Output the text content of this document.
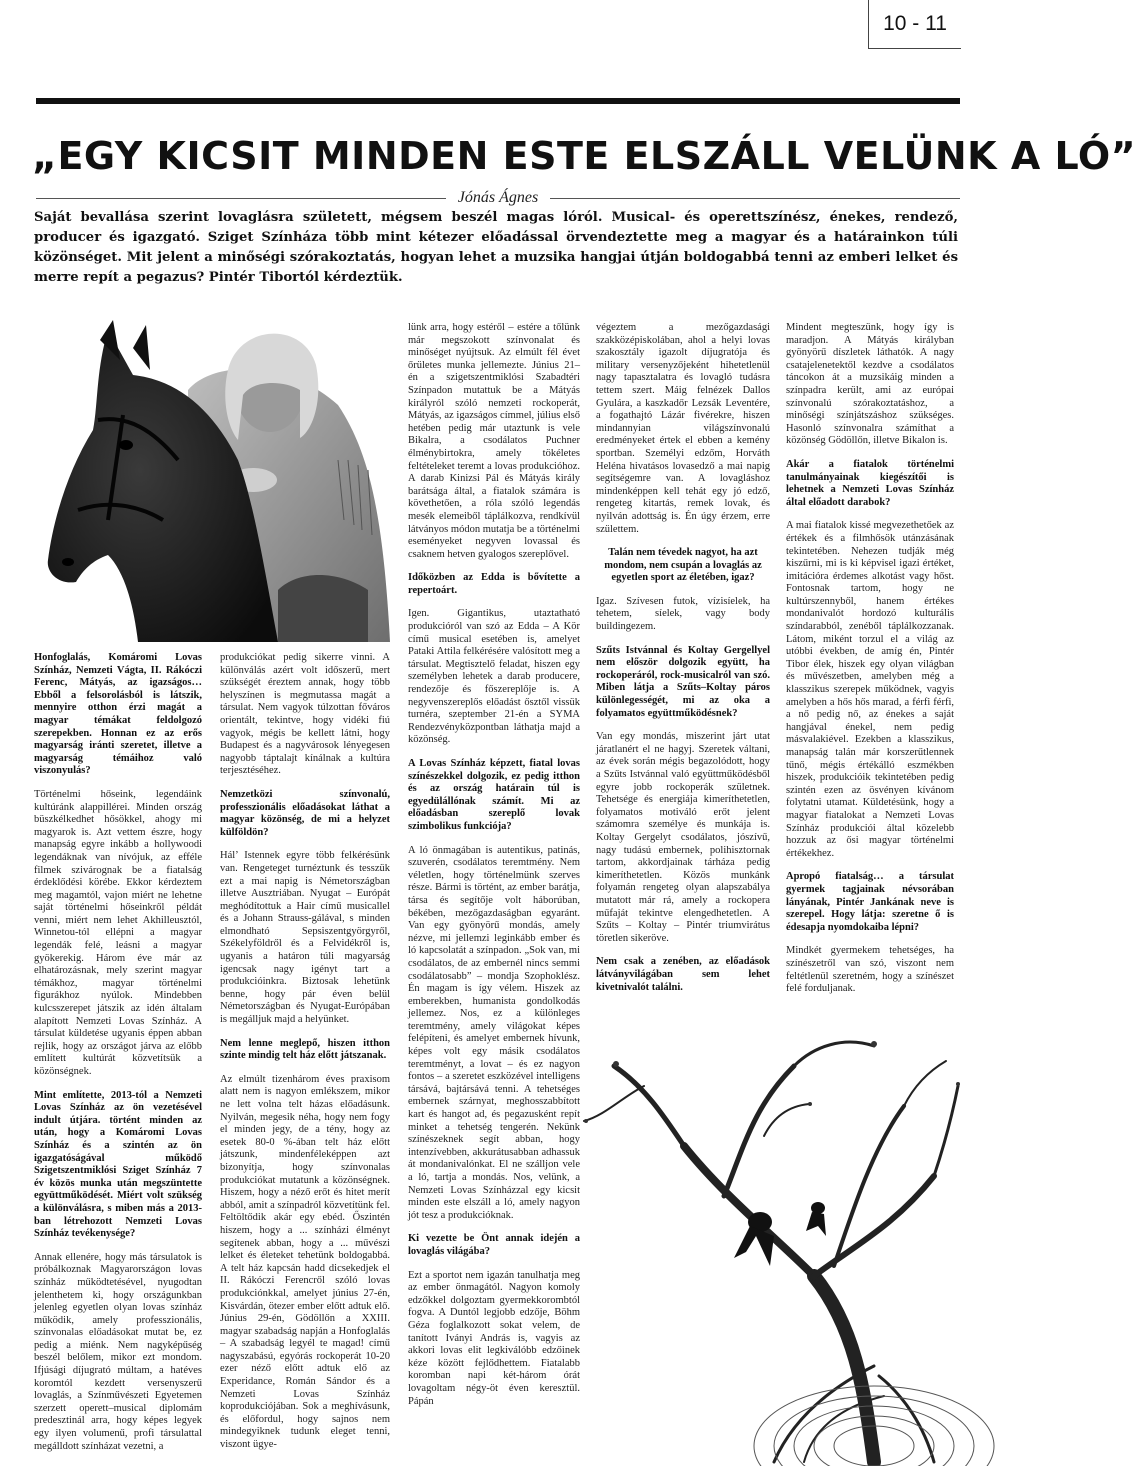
10 - 11
„EGY KICSIT MINDEN ESTE ELSZÁLL VELÜNK A LÓ”
Jónás Ágnes
Saját bevallása szerint lovaglásra született, mégsem beszél magas lóról. Musical- és operettszínész, énekes, rendező, producer és igazgató. Sziget Színháza több mint kétezer előadással örvendeztette meg a magyar és a határainkon túli közönséget. Mit jelent a minőségi szórakoztatás, hogyan lehet a muzsika hangjai útján boldogabbá tenni az emberi lelket és merre repít a pegazus? Pintér Tibortól kérdeztük.

Honfoglalás, Komáromi Lovas Színház, Nemzeti Vágta, II. Rákóczi Ferenc, Mátyás, az igazságos… Ebből a felsorolásból is látszik, mennyire otthon érzi magát a magyar témákat feldolgozó szerepekben. Honnan ez az erős magyarság iránti szeretet, illetve a magyarság témáihoz való viszonyulás?

Történelmi hőseink, legendáink kultúránk alappillérei. Minden ország büszkélkedhet hősökkel, ahogy mi magyarok is. Azt vettem észre, hogy manapság egyre inkább a hollywoodi legendáknak van nívójuk, az efféle filmek szivárognak be a fiatalság érdeklődési körébe. Ekkor kérdeztem meg magamtól, vajon miért ne lehetne saját történelmi hőseinkről példát venni, miért nem lehet Akhilleusztól, Winnetou-tól ellépni a magyar legendák felé, leásni a magyar gyökerekig. Három éve már az elhatározásnak, mely szerint magyar témákhoz, magyar történelmi figurákhoz nyúlok. Mindebben kulcsszerepet játszik az idén általam alapított Nemzeti Lovas Színház. A társulat küldetése ugyanis éppen abban rejlik, hogy az országot járva az előbb említett kultúrát közvetítsük a közönségnek.

Mint említette, 2013-tól a Nemzeti Lovas Színház az ön vezetésével indult útjára. történt minden az után, hogy a Komáromi Lovas Színház és a szintén az ön igazgatóságával működő Szigetszentmiklósi Sziget Színház 7 év közös munka után megszüntette együttműködését. Miért volt szükség a különválásra, s miben más a 2013-ban létrehozott Nemzeti Lovas Színház tevékenysége?

Annak ellenére, hogy más társulatok is próbálkoznak Magyarországon lovas színház működtetésével, nyugodtan jelenthetem ki, hogy országunkban jelenleg egyetlen olyan lovas színház működik, amely professzionális, színvonalas előadásokat mutat be, ez pedig a miénk. Nem nagyképűség beszél belőlem, mikor ezt mondom. Ifjúsági díjugrató múltam, a hatéves koromtól kezdett versenyszerű lovaglás, a Színművészeti Egyetemen szerzett operett–musical diplomám predesztinál arra, hogy képes legyek egy ilyen volumenű, profi társulattal megálldott színházat vezetni, a

produkciókat pedig sikerre vinni. A különválás azért volt időszerű, mert szükségét éreztem annak, hogy több helyszínen is megmutassa magát a társulat. Nem vagyok túlzottan főváros orientált, tekintve, hogy vidéki fiú vagyok, mégis be kellett látni, hogy Budapest és a nagyvárosok lényegesen nagyobb táptalajt kínálnak a kultúra terjesztéséhez.

Nemzetközi színvonalú, professzionális előadásokat láthat a magyar közönség, de mi a helyzet külföldön?

Hál’ Istennek egyre több felkérésünk van. Rengeteget turnéztunk és tesszük ezt a mai napig is Németországban illetve Ausztriában. Nyugat – Európát meghódítottuk a Hair című musicallel és a Johann Strauss-gálával, s minden elmondható Sepsiszentgyörgyről, Székelyföldről és a Felvidékről is, ugyanis a határon túli magyarság igencsak nagy igényt tart a produkcióinkra. Biztosak lehetünk benne, hogy pár éven belül Németországban és Nyugat-Európában is megálljuk majd a helyünket.

Nem lenne meglepő, hiszen itthon szinte mindig telt ház előtt játszanak.

Az elmúlt tizenhárom éves praxisom alatt nem is nagyon emlékszem, mikor ne lett volna telt házas előadásunk. Nyilván, megesik néha, hogy nem fogy el minden jegy, de a tény, hogy az esetek 80-0 %-ában telt ház előtt játszunk, mindenféleképpen azt bizonyítja, hogy színvonalas produkciókat mutatunk a közönségnek. Hiszem, hogy a néző erőt és hitet merít abból, amit a színpadról közvetítünk fel. Feltöltődik akár egy ebéd. Őszintén hiszem, hogy a ... színházi élményt segítenek abban, hogy a ... művészi lelket és életeket tehetünk boldogabbá. A telt ház kapcsán hadd dicsekedjek el II. Rákóczi Ferencről szóló lovas produkciónkkal, amelyet június 27-én, Kisvárdán, ötezer ember előtt adtuk elő. Június 29-én, Gödöllőn a XXIII. magyar szabadság napján a Honfoglalás – A szabadság legyél te magad! című nagyszabású, egyórás rockoperát 10-20 ezer néző előtt adtuk elő az Experidance, Román Sándor és a Nemzeti Lovas Színház koprodukciójában. Sok a meghívásunk, és előfordul, hogy sajnos nem mindegyiknek tudunk eleget tenni, viszont ügye-

lünk arra, hogy estéről – estére a tőlünk már megszokott színvonalat és minőséget nyújtsuk. Az elmúlt fél évet őrületes munka jellemezte. Június 21– én a szigetszentmiklósi Szabadtéri Színpadon mutattuk be a Mátyás királyról szóló nemzeti rockoperát, Mátyás, az igazságos címmel, július első hetében pedig már utaztunk is vele Bikalra, a csodálatos Puchner élménybirtokra, amely tökéletes feltételeket teremt a lovas produkcióhoz. A darab Kinizsi Pál és Mátyás király barátsága által, a fiatalok számára is követhetően, a róla szóló legendás mesék elemeiből táplálkozva, rendkívül látványos módon mutatja be a történelmi eseményeket negyven lovassal és csaknem hetven gyalogos szereplővel.

Időközben az Edda is bővítette a repertoárt.

Igen. Gigantikus, utaztatható produkcióról van szó az Edda – A Kör című musical esetében is, amelyet Pataki Attila felkérésére valósított meg a társulat. Megtisztelő feladat, hiszen egy személyben lehetek a darab producere, rendezője és főszereplője is. A negyvenszereplős előadást ősztől vissük turnéra, szeptember 21-én a SYMA Rendezvényközpontban láthatja majd a közönség.

A Lovas Színház képzett, fiatal lovas színészekkel dolgozik, ez pedig itthon és az ország határain túl is egyedülállónak számít. Mi az előadásban szereplő lovak szimbolikus funkciója?

A ló önmagában is autentikus, patinás, szuverén, csodálatos teremtmény. Nem véletlen, hogy történelmünk szerves része. Bármi is történt, az ember barátja, társa és segítője volt háborúban, békében, mezőgazdaságban egyaránt. Van egy gyönyörű mondás, amely nézve, mi jellemzi leginkább ember és ló kapcsolatát a színpadon. „Sok van, mi csodálatos, de az embernél nincs semmi csodálatosabb” – mondja Szophoklész. Én magam is így vélem. Hiszek az emberekben, humanista gondolkodás jellemez. Nos, ez a különleges teremtmény, amely világokat képes felépíteni, és amelyet embernek hívunk, képes volt egy másik csodálatos teremtményt, a lovat – és ez nagyon fontos – a szeretet eszközével intelligens társává, bajtársává tenni. A tehetséges embernek szárnyat, meghosszabbított kart és hangot ad, és pegazusként repít minket a tehetség tengerén. Nekünk színészeknek segít abban, hogy intenzívebben, akkurátusabban adhassuk át mondanivalónkat. El ne szálljon vele a ló, tartja a mondás. Nos, velünk, a Nemzeti Lovas Színházzal egy kicsit minden este elszáll a ló, amely nagyon jót tesz a produkcióknak.

Ki vezette be Önt annak idején a lovaglás világába?

Ezt a sportot nem igazán tanulhatja meg az ember önmagától. Nagyon komoly edzőkkel dolgoztam gyermekkorombtól fogva. A Duntól legjobb edzője, Böhm Géza foglalkozott sokat velem, de tanított Iványi András is, vagyis az akkori lovas elit legkiválóbb edzőinek kéze között fejlődhettem. Fiatalabb koromban napi két-három órát lovagoltam négy-öt éven keresztül. Pápán

végeztem a mezőgazdasági szakközépiskolában, ahol a helyi lovas szakosztály igazolt díjugratója és military versenyzőjeként hihetetlenül nagy tapasztalatra és lovagló tudásra tettem szert. Máig felnézek Dallos Gyulára, a kaszkadőr Lezsák Leventére, a fogathajtó Lázár fivérekre, hiszen mindannyian világszínvonalú eredményeket értek el ebben a kemény sportban. Személyi edzőm, Horváth Heléna hivatásos lovasedző a mai napig segítségemre van. A lovagláshoz mindenképpen kell tehát egy jó edző, rengeteg kitartás, remek lovak, és nyilván adottság is. Én úgy érzem, erre születtem.

Talán nem tévedek nagyot, ha azt mondom, nem csupán a lovaglás az egyetlen sport az életében, igaz?

Igaz. Szívesen futok, vízisíelek, ha tehetem, síelek, vagy body buildingezem.

Szűts Istvánnal és Koltay Gergellyel nem először dolgozik együtt, ha rockoperáról, rock-musicalról van szó. Miben látja a Szűts–Koltay páros különlegességét, mi az oka a folyamatos együttműködésnek?

Van egy mondás, miszerint járt utat járatlanért el ne hagyj. Szeretek váltani, az évek során mégis begazolódott, hogy a Szűts Istvánnal való együttműködésből egyre jobb rockoperák születnek. Tehetsége és energiája kimeríthetetlen, folyamatos motiváló erőt jelent számomra személye és munkája is. Koltay Gergelyt csodálatos, jószívű, nagy tudású embernek, polihisztornak tartom, akkordjainak tárháza pedig kimeríthetetlen. Közös munkánk folyamán rengeteg olyan alapszabálya mutatott már rá, amely a rockopera műfaját tekintve elengedhetetlen. A Szűts – Koltay – Pintér triumvirátus töretlen sikeröve.

Nem csak a zenében, az előadások látványvilágában sem lehet kivetnivalót találni.

Mindent megteszünk, hogy így is maradjon. A Mátyás királyban gyönyörű díszletek láthatók. A nagy csatajelenetektől kezdve a csodálatos táncokon át a muzsikáig minden a színpadra került, ami az európai színvonalú szórakoztatáshoz, a minőségi színjátszáshoz szükséges. Hasonló színvonalra számíthat a közönség Gödöllőn, illetve Bikalon is.

Akár a fiatalok történelmi tanulmányainak kiegészítői is lehetnek a Nemzeti Lovas Színház által előadott darabok?

A mai fiatalok kissé megvezethetőek az értékek és a filmhősök utánzásának tekintetében. Nehezen tudják még kiszűrni, mi is ki képvisel igazi értéket, imitációra érdemes alkotást vagy hőst. Fontosnak tartom, hogy ne kultúrszennyből, hanem értékes mondanivalót hordozó kulturális színdarabból, zenéből táplálkozzanak. Látom, miként torzul el a világ az utóbbi években, de amíg én, Pintér Tibor élek, hiszek egy olyan világban és művészetben, amelyben még a klasszikus szerepek működnek, vagyis amelyben a hős hős marad, a férfi férfi, a nő pedig nő, az énekes a saját hangjával énekel, nem pedig másvalakiével. Ezekben a klasszikus, manapság talán már korszerűtlennek tűnő, mégis értékálló eszmékben hiszek, produkcióik tekintetében pedig szintén ezen az ösvényen kívánom folytatni utamat. Küldetésünk, hogy a magyar fiatalokat a Nemzeti Lovas Színház produkciói által közelebb hozzuk az ősi magyar történelmi értékekhez.

Apropó fiatalság… a társulat gyermek tagjainak névsorában lányának, Pintér Jankának neve is szerepel. Hogy látja: szeretne ő is édesapja nyomdokaiba lépni?

Mindkét gyermekem tehetséges, ha színészetről van szó, viszont nem feltétlenül szeretném, hogy a színészet felé forduljanak.
